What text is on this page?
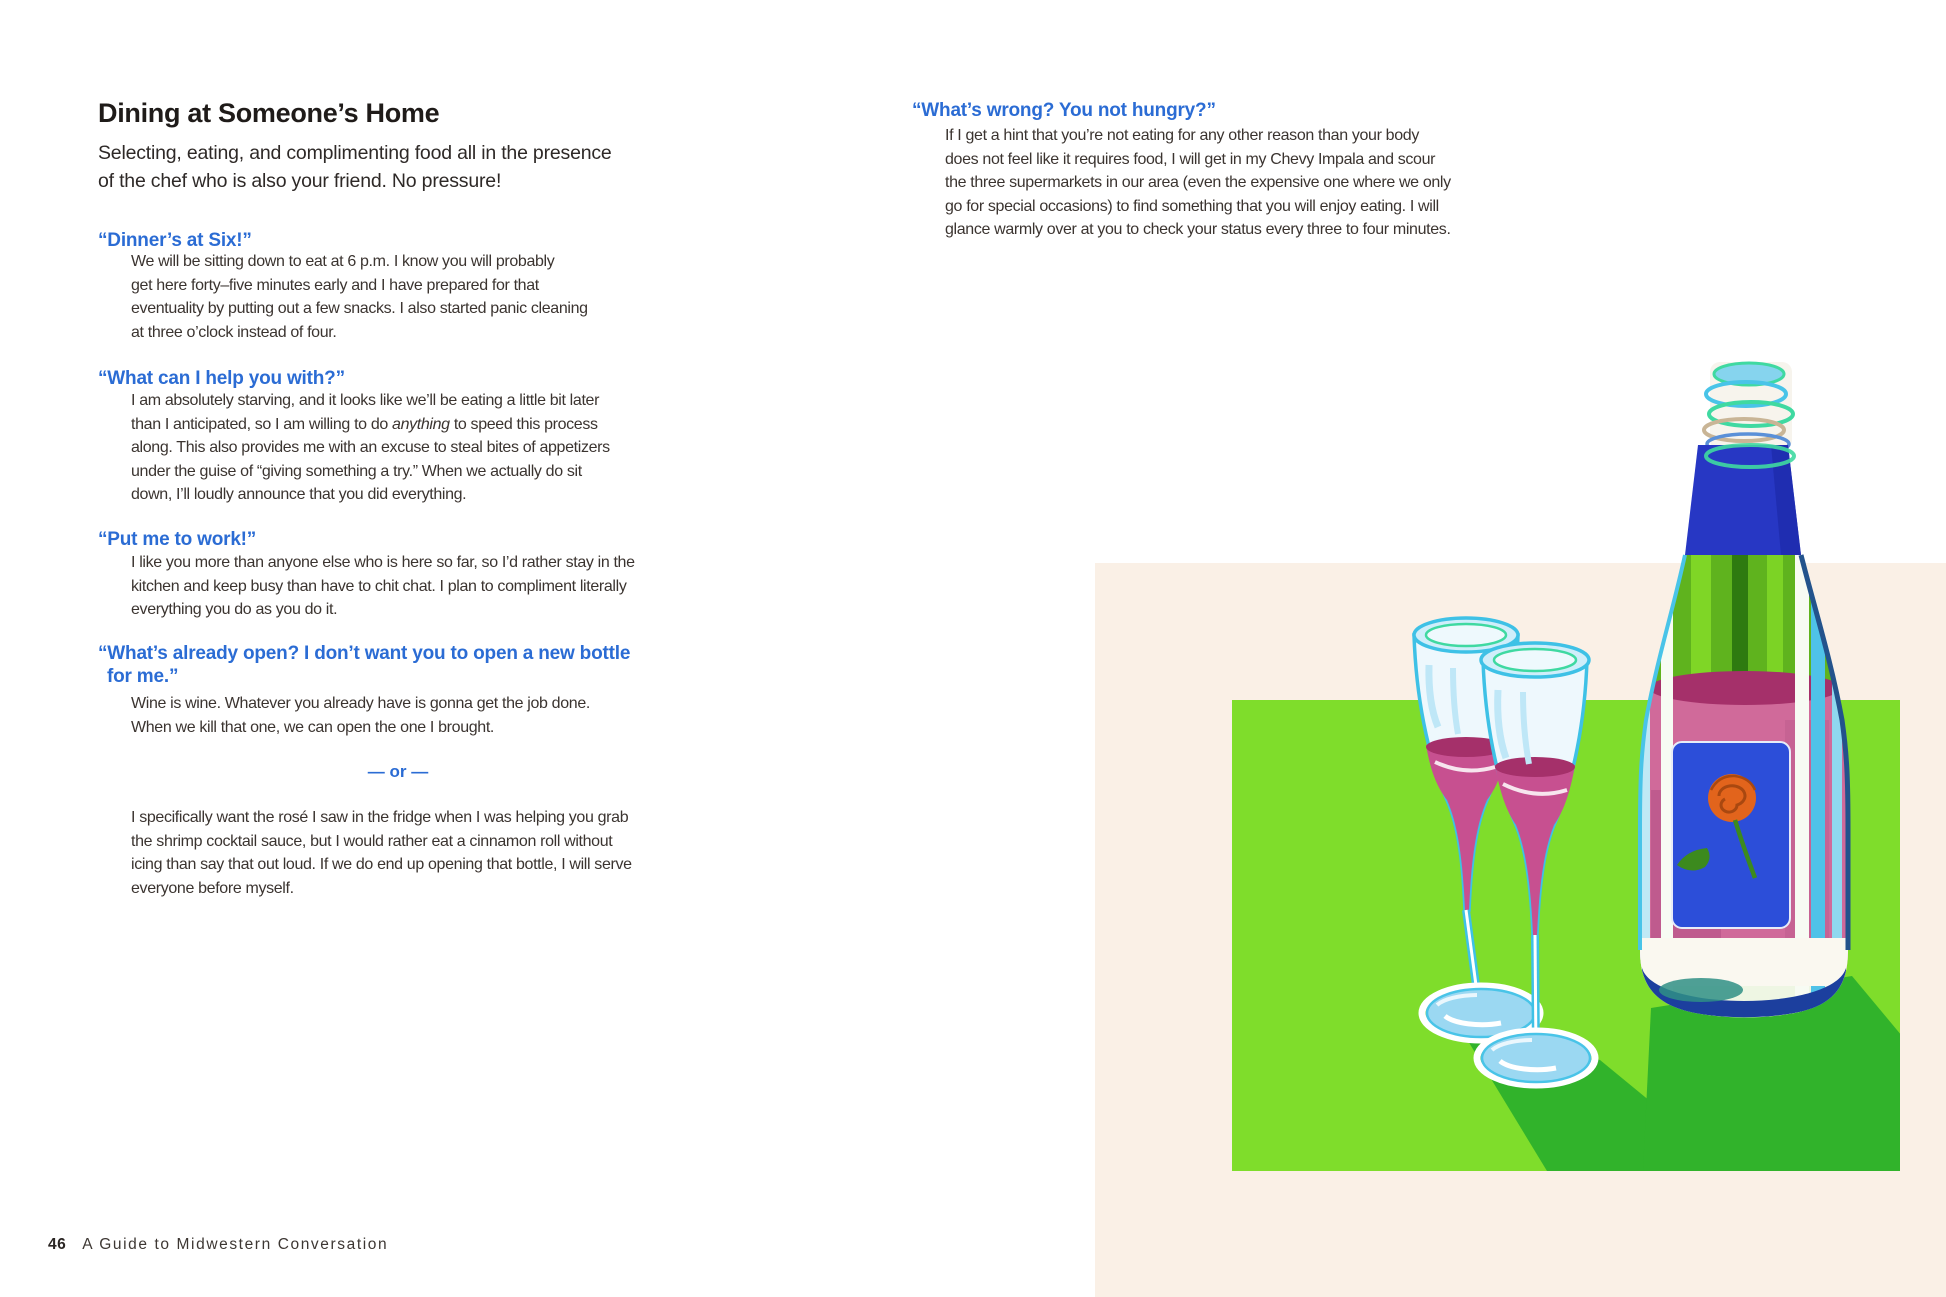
Dining at Someone’s Home
Selecting, eating, and complimenting food all in the presence
of the chef who is also your friend. No pressure!
“Dinner’s at Six!”
We will be sitting down to eat at 6 p.m. I know you will probably
get here forty–five minutes early and I have prepared for that
eventuality by putting out a few snacks. I also started panic cleaning
at three o’clock instead of four.
“What can I help you with?”
I am absolutely starving, and it looks like we’ll be eating a little bit later
than I anticipated, so I am willing to do anything to speed this process
along. This also provides me with an excuse to steal bites of appetizers
under the guise of “giving something a try.” When we actually do sit
down, I’ll loudly announce that you did everything.
“Put me to work!”
I like you more than anyone else who is here so far, so I’d rather stay in the
kitchen and keep busy than have to chit chat. I plan to compliment literally
everything you do as you do it.
“What’s already open? I don’t want you to open a new bottle
for me.”
Wine is wine. Whatever you already have is gonna get the job done.
When we kill that one, we can open the one I brought.
— or —
I specifically want the rosé I saw in the fridge when I was helping you grab
the shrimp cocktail sauce, but I would rather eat a cinnamon roll without
icing than say that out loud. If we do end up opening that bottle, I will serve
everyone before myself.
46 A Guide to Midwestern Conversation
“What’s wrong? You not hungry?”
If I get a hint that you’re not eating for any other reason than your body
does not feel like it requires food, I will get in my Chevy Impala and scour
the three supermarkets in our area (even the expensive one where we only
go for special occasions) to find something that you will enjoy eating. I will
glance warmly over at you to check your status every three to four minutes.
